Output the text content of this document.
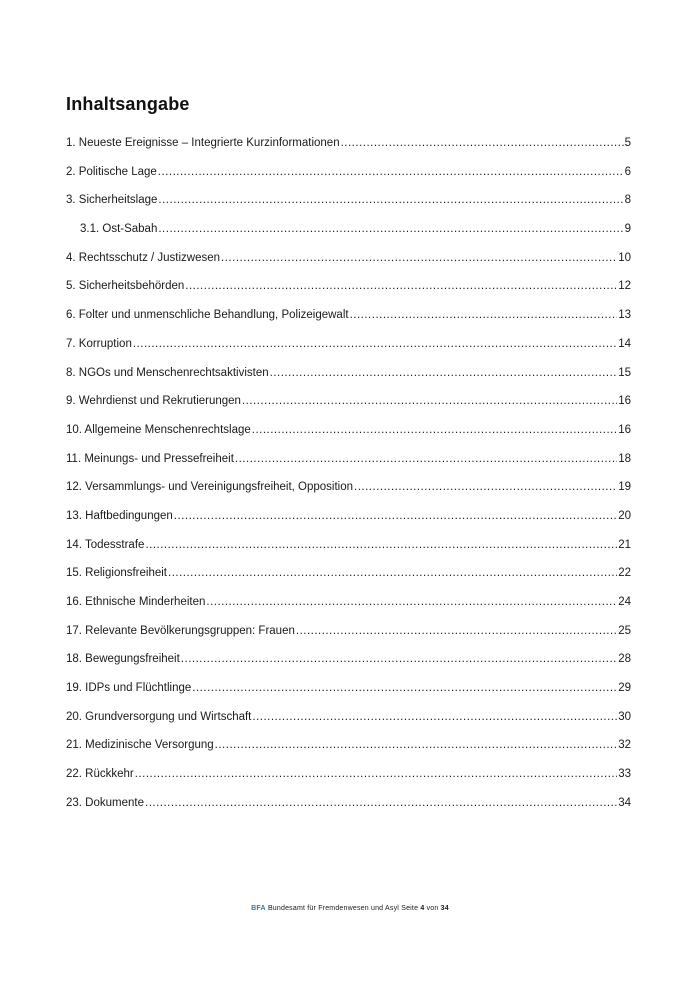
Inhaltsangabe
1. Neueste Ereignisse – Integrierte Kurzinformationen .....	5
2. Politische Lage .....	6
3. Sicherheitslage .....	8
3.1. Ost-Sabah .....	9
4. Rechtsschutz / Justizwesen .....	10
5. Sicherheitsbehörden .....	12
6. Folter und unmenschliche Behandlung, Polizeigewalt .....	13
7. Korruption .....	14
8. NGOs und Menschenrechtsaktivisten .....	15
9. Wehrdienst und Rekrutierungen .....	16
10. Allgemeine Menschenrechtslage .....	16
11. Meinungs- und Pressefreiheit .....	18
12. Versammlungs- und Vereinigungsfreiheit, Opposition .....	19
13. Haftbedingungen .....	20
14. Todesstrafe .....	21
15. Religionsfreiheit .....	22
16. Ethnische Minderheiten .....	24
17. Relevante Bevölkerungsgruppen: Frauen .....	25
18. Bewegungsfreiheit .....	28
19. IDPs und Flüchtlinge .....	29
20. Grundversorgung und Wirtschaft .....	30
21. Medizinische Versorgung .....	32
22. Rückkehr .....	33
23. Dokumente .....	34
BFA Bundesamt für Fremdenwesen und Asyl Seite 4 von 34
